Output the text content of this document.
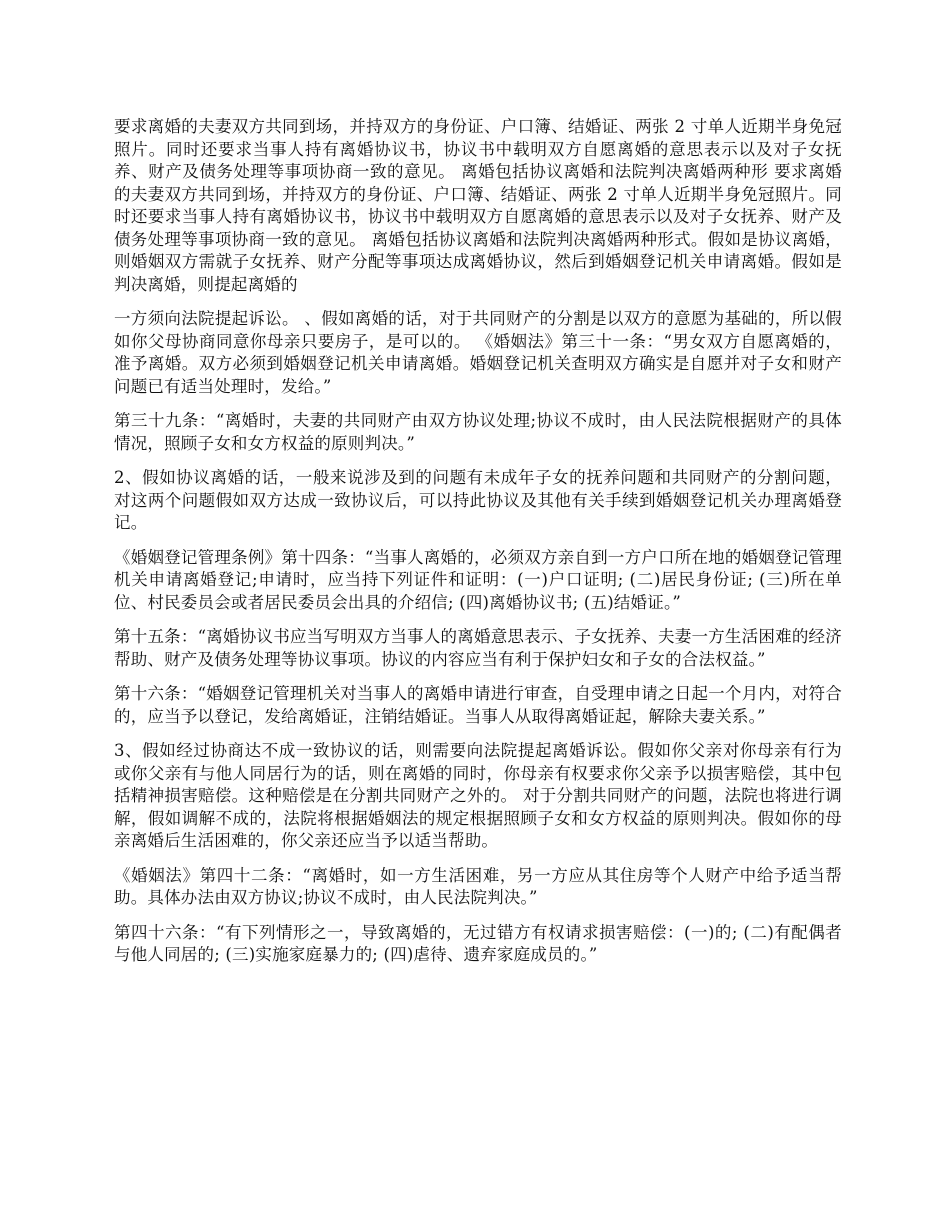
要求离婚的夫妻双方共同到场，并持双方的身份证、户口簿、结婚证、两张 2 寸单人近期半身免冠照片。同时还要求当事人持有离婚协议书，协议书中载明双方自愿离婚的意思表示以及对子女抚养、财产及债务处理等事项协商一致的意见。 离婚包括协议离婚和法院判决离婚两种形 要求离婚的夫妻双方共同到场，并持双方的身份证、户口簿、结婚证、两张 2 寸单人近期半身免冠照片。同时还要求当事人持有离婚协议书，协议书中载明双方自愿离婚的意思表示以及对子女抚养、财产及债务处理等事项协商一致的意见。 离婚包括协议离婚和法院判决离婚两种形式。假如是协议离婚，则婚姻双方需就子女抚养、财产分配等事项达成离婚协议，然后到婚姻登记机关申请离婚。假如是判决离婚，则提起离婚的

一方须向法院提起诉讼。 、假如离婚的话，对于共同财产的分割是以双方的意愿为基础的，所以假如你父母协商同意你母亲只要房子，是可以的。 《婚姻法》第三十一条：“男女双方自愿离婚的，准予离婚。双方必须到婚姻登记机关申请离婚。婚姻登记机关查明双方确实是自愿并对子女和财产问题已有适当处理时，发给。”

第三十九条：“离婚时，夫妻的共同财产由双方协议处理;协议不成时，由人民法院根据财产的具体情况，照顾子女和女方权益的原则判决。”

2、假如协议离婚的话，一般来说涉及到的问题有未成年子女的抚养问题和共同财产的分割问题，对这两个问题假如双方达成一致协议后，可以持此协议及其他有关手续到婚姻登记机关办理离婚登记。

《婚姻登记管理条例》第十四条：“当事人离婚的，必须双方亲自到一方户口所在地的婚姻登记管理机关申请离婚登记;申请时，应当持下列证件和证明：(一)户口证明; (二)居民身份证; (三)所在单位、村民委员会或者居民委员会出具的介绍信; (四)离婚协议书; (五)结婚证。”

第十五条：“离婚协议书应当写明双方当事人的离婚意思表示、子女抚养、夫妻一方生活困难的经济帮助、财产及债务处理等协议事项。协议的内容应当有利于保护妇女和子女的合法权益。”

第十六条：“婚姻登记管理机关对当事人的离婚申请进行审查，自受理申请之日起一个月内，对符合的，应当予以登记，发给离婚证，注销结婚证。当事人从取得离婚证起，解除夫妻关系。”

3、假如经过协商达不成一致协议的话，则需要向法院提起离婚诉讼。假如你父亲对你母亲有行为或你父亲有与他人同居行为的话，则在离婚的同时，你母亲有权要求你父亲予以损害赔偿，其中包括精神损害赔偿。这种赔偿是在分割共同财产之外的。 对于分割共同财产的问题，法院也将进行调解，假如调解不成的，法院将根据婚姻法的规定根据照顾子女和女方权益的原则判决。假如你的母亲离婚后生活困难的，你父亲还应当予以适当帮助。

《婚姻法》第四十二条：“离婚时，如一方生活困难，另一方应从其住房等个人财产中给予适当帮助。具体办法由双方协议;协议不成时，由人民法院判决。”

第四十六条：“有下列情形之一，导致离婚的，无过错方有权请求损害赔偿：(一)的; (二)有配偶者与他人同居的; (三)实施家庭暴力的; (四)虐待、遗弃家庭成员的。”
